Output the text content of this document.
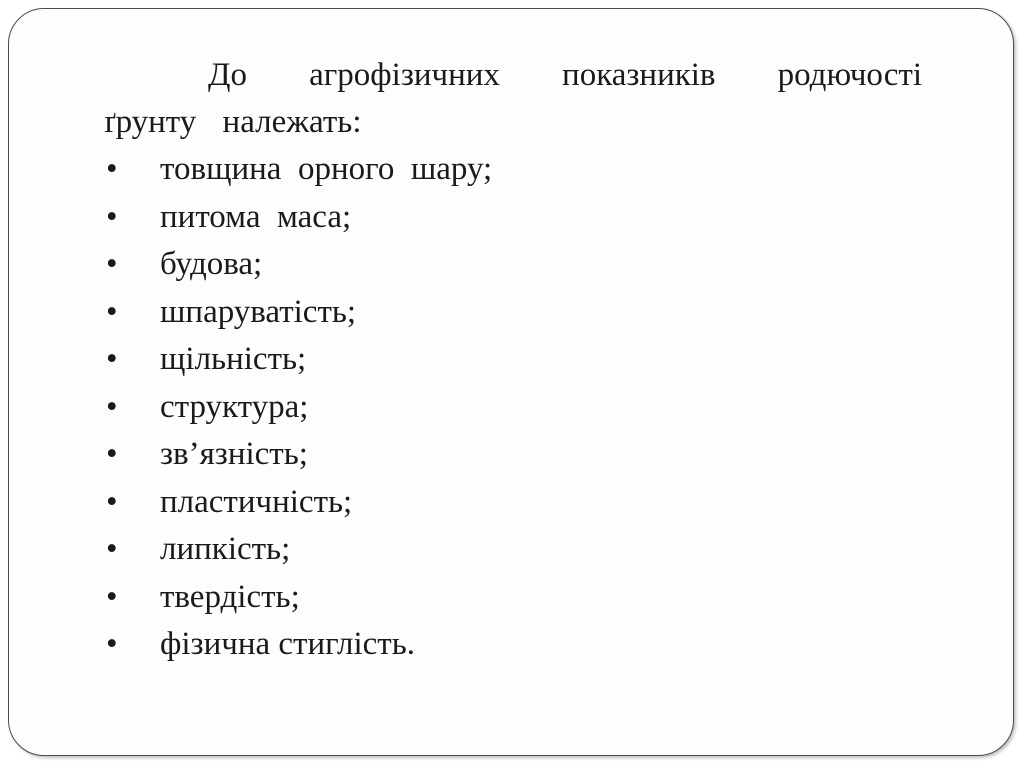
До агрофізичних показників родючості ґрунту належать:

•	товщина  орного  шару;
•	питома  маса;
•	будова;
•	шпаруватість;
•	щільність;
•	структура;
•	зв’язність;
•	пластичність;
•	липкість;
•	твердість;
•	фізична стиглість.
